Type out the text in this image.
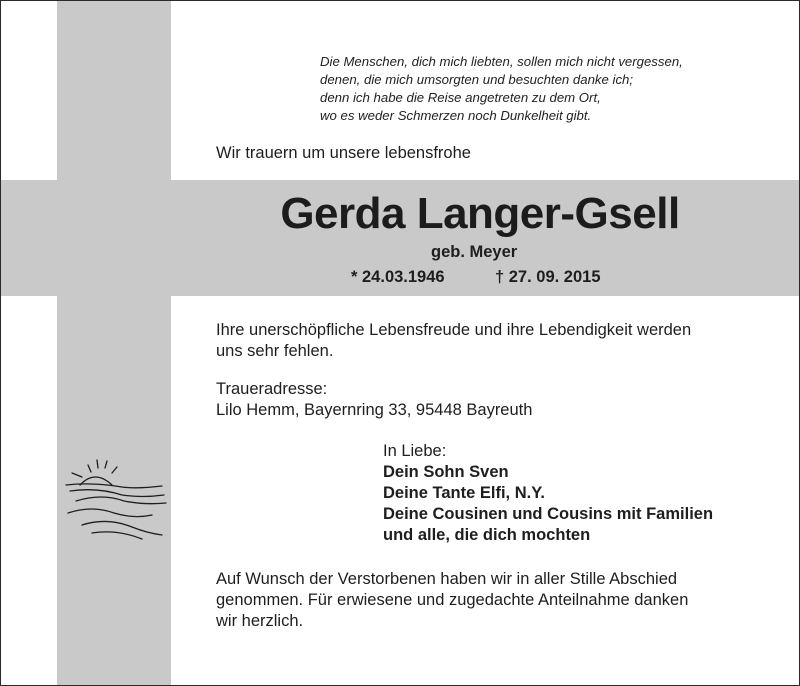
Die Menschen, dich mich liebten, sollen mich nicht vergessen,
denen, die mich umsorgten und besuchten danke ich;
denn ich habe die Reise angetreten zu dem Ort,
wo es weder Schmerzen noch Dunkelheit gibt.
Wir trauern um unsere lebensfrohe
Gerda Langer-Gsell
geb. Meyer
* 24.03.1946	† 27. 09. 2015
Ihre unerschöpfliche Lebensfreude und ihre Lebendigkeit werden
uns sehr fehlen.
Traueradresse:
Lilo Hemm, Bayernring 33, 95448 Bayreuth
In Liebe:
Dein Sohn Sven
Deine Tante Elfi, N.Y.
Deine Cousinen und Cousins mit Familien
und alle, die dich mochten
Auf Wunsch der Verstorbenen haben wir in aller Stille Abschied
genommen. Für erwiesene und zugedachte Anteilnahme danken
wir herzlich.
